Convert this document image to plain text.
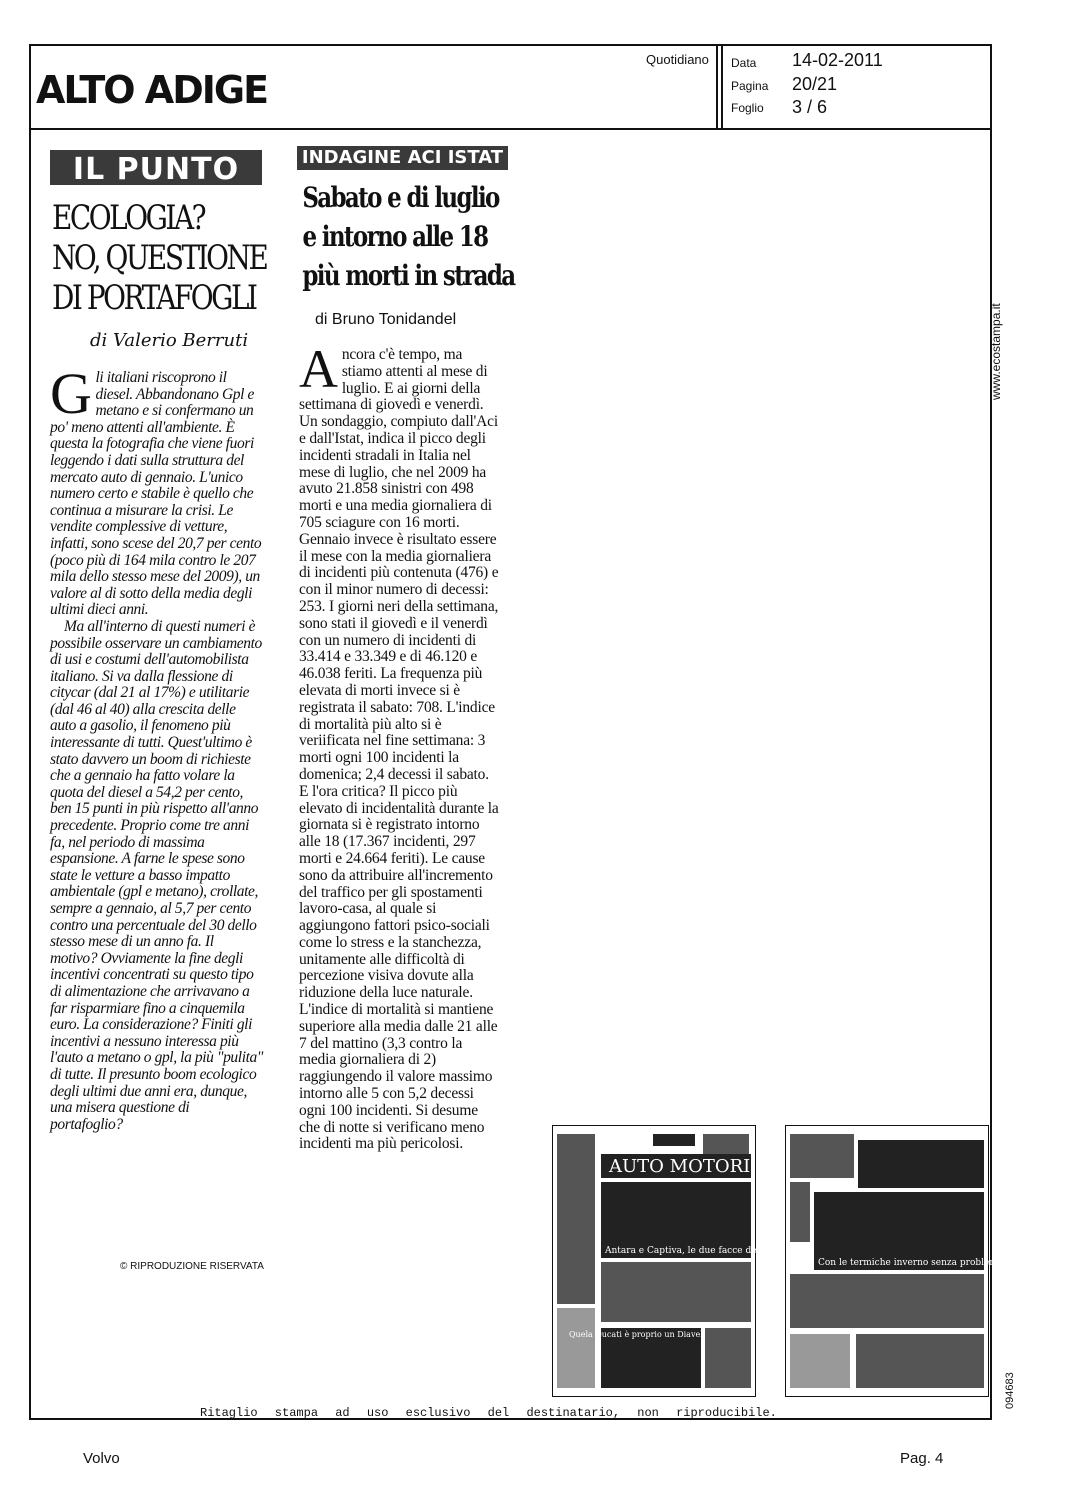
ALTO ADIGE
Quotidiano Data 14-02-2011
Pagina 20/21
Foglio 3 / 6
www.ecostampa.it
094683
IL PUNTO
ECOLOGIA?
NO, QUESTIONE
DI PORTAFOGLI
di Valerio Berruti

Gli italiani riscoprono il diesel. Abbandonano Gpl e metano e si confermano un po' meno attenti all'ambiente. È questa la fotografia che viene fuori leggendo i dati sulla struttura del mercato auto di gennaio. L'unico numero certo e stabile è quello che continua a misurare la crisi. Le vendite complessive di vetture, infatti, sono scese del 20,7 per cento (poco più di 164 mila contro le 207 mila dello stesso mese del 2009), un valore al di sotto della media degli ultimi dieci anni.

Ma all'interno di questi numeri è possibile osservare un cambiamento di usi e costumi dell'automobilista italiano. Si va dalla flessione di citycar (dal 21 al 17%) e utilitarie (dal 46 al 40) alla crescita delle auto a gasolio, il fenomeno più interessante di tutti. Quest'ultimo è stato davvero un boom di richieste che a gennaio ha fatto volare la quota del diesel a 54,2 per cento, ben 15 punti in più rispetto all'anno precedente. Proprio come tre anni fa, nel periodo di massima espansione. A farne le spese sono state le vetture a basso impatto ambientale (gpl e metano), crollate, sempre a gennaio, al 5,7 per cento contro una percentuale del 30 dello stesso mese di un anno fa. Il motivo? Ovviamente la fine degli incentivi concentrati su questo tipo di alimentazione che arrivavano a far risparmiare fino a cinquemila euro. La considerazione? Finiti gli incentivi a nessuno interessa più l'auto a metano o gpl, la più "pulita" di tutte. Il presunto boom ecologico degli ultimi due anni era, dunque, una misera questione di portafoglio?

© RIPRODUZIONE RISERVATA
INDAGINE ACI ISTAT
Sabato e di luglio
e intorno alle 18
più morti in strada
di Bruno Tonidandel

Ancora c'è tempo, ma stiamo attenti al mese di luglio. E ai giorni della settimana di giovedì e venerdì. Un sondaggio, compiuto dall'Aci e dall'Istat, indica il picco degli incidenti stradali in Italia nel mese di luglio, che nel 2009 ha avuto 21.858 sinistri con 498 morti e una media giornaliera di 705 sciagure con 16 morti. Gennaio invece è risultato essere il mese con la media giornaliera di incidenti più contenuta (476) e con il minor numero di decessi: 253. I giorni neri della settimana, sono stati il giovedì e il venerdì con un numero di incidenti di 33.414 e 33.349 e di 46.120 e 46.038 feriti. La frequenza più elevata di morti invece si è registrata il sabato: 708. L'indice di mortalità più alto si è veriificata nel fine settimana: 3 morti ogni 100 incidenti la domenica; 2,4 decessi il sabato. E l'ora critica? Il picco più elevato di incidentalità durante la giornata si è registrato intorno alle 18 (17.367 incidenti, 297 morti e 24.664 feriti). Le cause sono da attribuire all'incremento del traffico per gli spostamenti lavoro-casa, al quale si aggiungono fattori psico-sociali come lo stress e la stanchezza, unitamente alle difficoltà di percezione visiva dovute alla riduzione della luce naturale. L'indice di mortalità si mantiene superiore alla media dalle 21 alle 7 del mattino (3,3 contro la media giornaliera di 2) raggiungendo il valore massimo intorno alle 5 con 5,2 decessi ogni 100 incidenti. Si desume che di notte si verificano meno incidenti ma più pericolosi.

AUTO MOTORI
Antara e Captiva, le due facce del Suv
Quela Ducati è proprio un Diavel
Con le termiche inverno senza problemi
Ritaglio stampa ad uso esclusivo del destinatario, non riproducibile.
Volvo	Pag. 4
